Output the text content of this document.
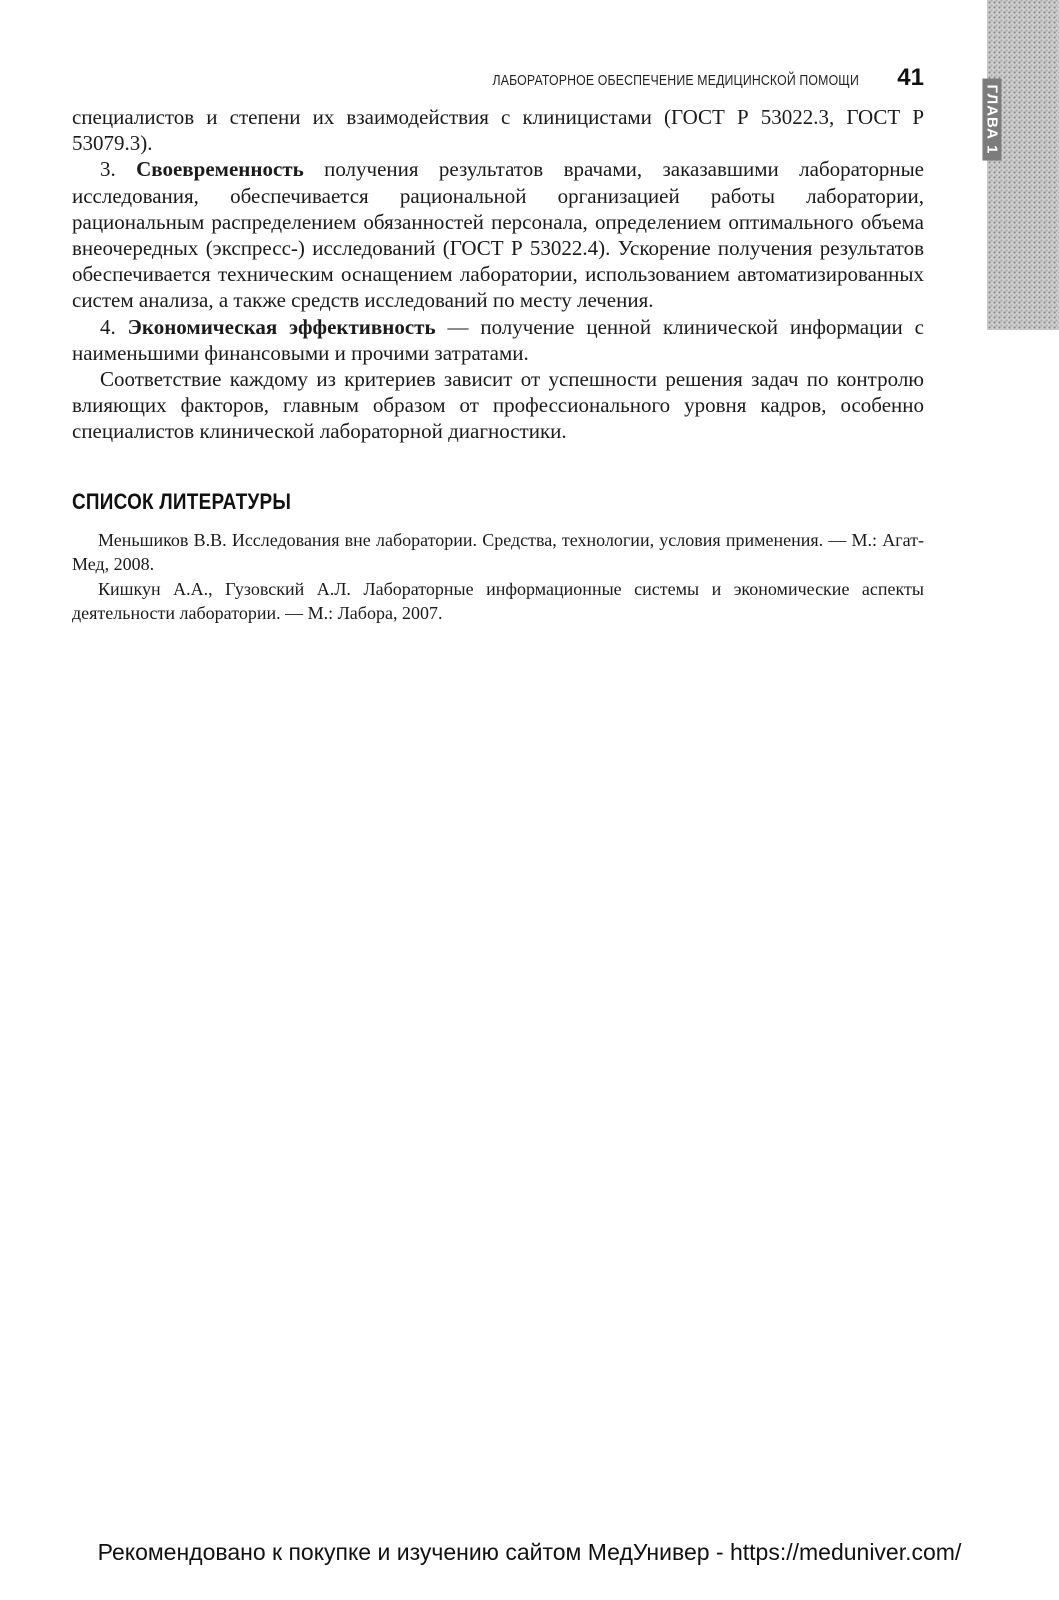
ГЛАВА 1
ЛАБОРАТОРНОЕ ОБЕСПЕЧЕНИЕ МЕДИЦИНСКОЙ ПОМОЩИ 41

специалистов и степени их взаимодействия с клиницистами (ГОСТ Р 53022.3, ГОСТ Р 53079.3).

3. Своевременность получения результатов врачами, заказавшими лабораторные исследования, обеспечивается рациональной организацией работы лаборатории, рациональным распределением обязанностей персонала, определением оптимального объема внеочередных (экспресс-) исследований (ГОСТ Р 53022.4). Ускорение получения результатов обеспечивается техническим оснащением лаборатории, использованием автоматизированных систем анализа, а также средств исследований по месту лечения.

4. Экономическая эффективность — получение ценной клинической информации с наименьшими финансовыми и прочими затратами.

Соответствие каждому из критериев зависит от успешности решения задач по контролю влияющих факторов, главным образом от профессионального уровня кадров, особенно специалистов клинической лабораторной диагностики.

СПИСОК ЛИТЕРАТУРЫ

Меньшиков В.В. Исследования вне лаборатории. Средства, технологии, условия применения. — М.: Агат-Мед, 2008.

Кишкун А.А., Гузовский А.Л. Лабораторные информационные системы и экономические аспекты деятельности лаборатории. — М.: Лабора, 2007.

Рекомендовано к покупке и изучению сайтом МедУнивер - https://meduniver.com/
